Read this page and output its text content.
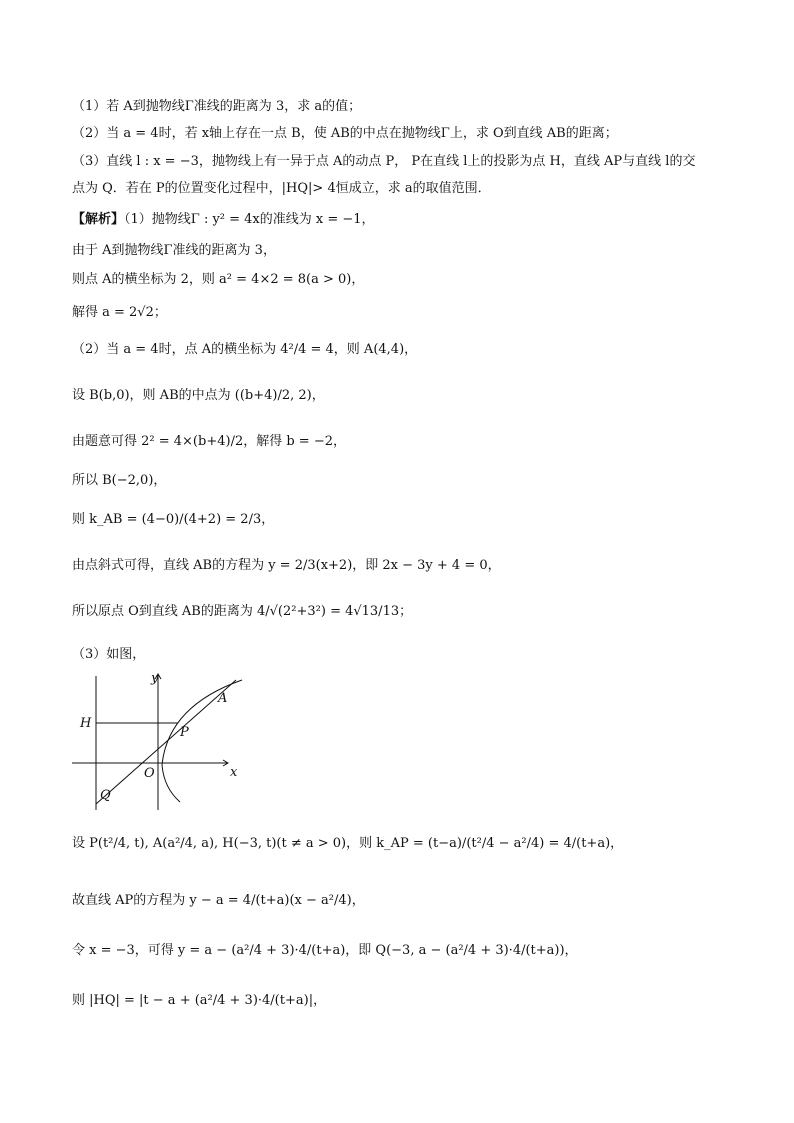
（1）若 A到抛物线Γ准线的距离为 3，求 a的值；
（2）当 a = 4时，若 x轴上存在一点 B，使 AB的中点在抛物线Γ上，求 O到直线 AB的距离；
（3）直线 l : x = −3，抛物线上有一异于点 A的动点 P， P在直线 l上的投影为点 H，直线 AP与直线 l的交
点为 Q．若在 P的位置变化过程中，|HQ|> 4恒成立，求 a的取值范围．
【解析】（1）抛物线Γ : y² = 4x的准线为 x = −1，
由于 A到抛物线Γ准线的距离为 3，
则点 A的横坐标为 2，则 a² = 4×2 = 8(a > 0)，
解得 a = 2√2；
（2）当 a = 4时，点 A的横坐标为 4²/4 = 4，则 A(4,4)，
设 B(b,0)，则 AB的中点为 ((b+4)/2, 2)，
由题意可得 2² = 4×(b+4)/2，解得 b = −2，
所以 B(−2,0)，
则 k_AB = (4−0)/(4+2) = 2/3，
由点斜式可得，直线 AB的方程为 y = 2/3(x+2)，即 2x − 3y + 4 = 0，
所以原点 O到直线 AB的距离为 4/√(2²+3²) = 4√13/13；
（3）如图，
y
x
A
H
P
O
Q
设 P(t²/4, t), A(a²/4, a), H(−3, t)(t ≠ a > 0)，则 k_AP = (t−a)/(t²/4 − a²/4) = 4/(t+a)，
故直线 AP的方程为 y − a = 4/(t+a)(x − a²/4)，
令 x = −3，可得 y = a − (a²/4 + 3)·4/(t+a)，即 Q(−3, a − (a²/4 + 3)·4/(t+a))，
则 |HQ| = |t − a + (a²/4 + 3)·4/(t+a)|，
